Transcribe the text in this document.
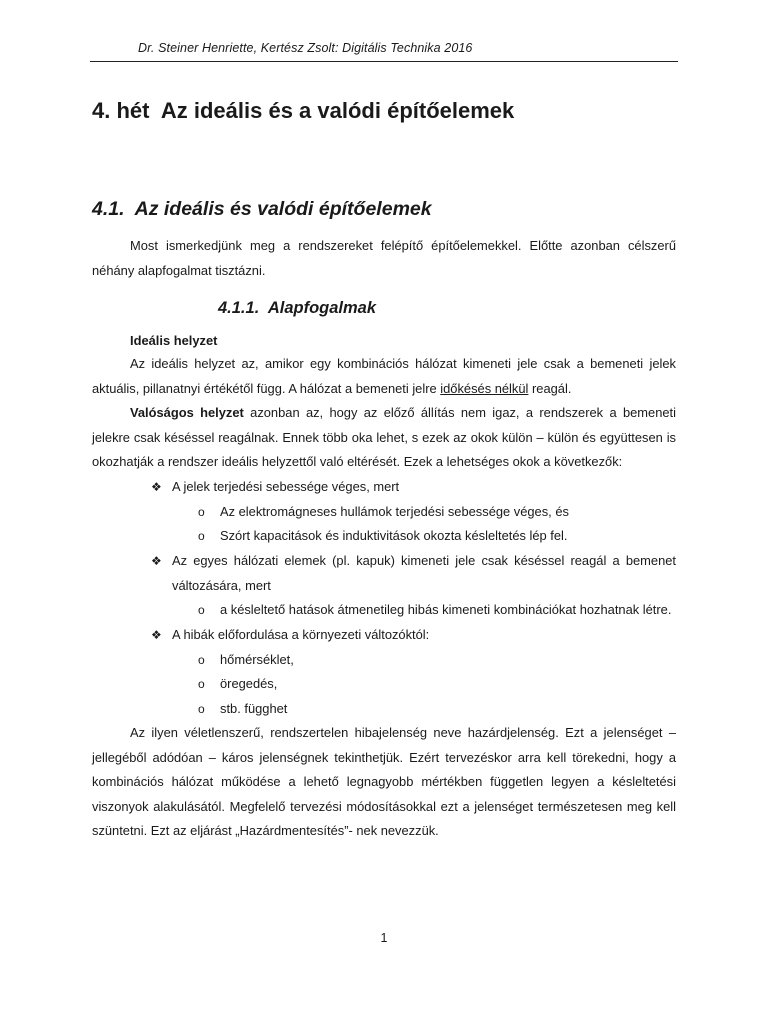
Dr. Steiner Henriette, Kertész Zsolt: Digitális Technika 2016
4. hét  Az ideális és a valódi építőelemek
4.1.  Az ideális és valódi építőelemek

Most ismerkedjünk meg a rendszereket felépítő építőelemekkel. Előtte azonban célszerű néhány alapfogalmat tisztázni.

4.1.1.  Alapfogalmak

Ideális helyzet

Az ideális helyzet az, amikor egy kombinációs hálózat kimeneti jele csak a bemeneti jelek aktuális, pillanatnyi értékétől függ. A hálózat a bemeneti jelre időkésés nélkül reagál.

Valóságos helyzet azonban az, hogy az előző állítás nem igaz, a rendszerek a bemeneti jelekre csak késéssel reagálnak. Ennek több oka lehet, s ezek az okok külön – külön és együttesen is okozhatják a rendszer ideális helyzettől való eltérését. Ezek a lehetséges okok a következők:

❖ A jelek terjedési sebessége véges, mert
o	Az elektromágneses hullámok terjedési sebessége véges, és
o	Szórt kapacitások és induktivitások okozta késleltetés lép fel.
❖ Az egyes hálózati elemek (pl. kapuk) kimeneti jele csak késéssel reagál a bemenet változására, mert
o	a késleltető hatások átmenetileg hibás kimeneti kombinációkat hozhatnak létre.
❖ A hibák előfordulása a környezeti változóktól:
o	hőmérséklet,
o	öregedés,
o	stb. függhet

Az ilyen véletlenszerű, rendszertelen hibajelenség neve hazárdjelenség. Ezt a jelenséget – jellegéből adódóan – káros jelenségnek tekinthetjük. Ezért tervezéskor arra kell törekedni, hogy a kombinációs hálózat működése a lehető legnagyobb mértékben független legyen a késleltetési viszonyok alakulásától. Megfelelő tervezési módosításokkal ezt a jelenséget természetesen meg kell szüntetni. Ezt az eljárást „Hazárdmentesítés”- nek nevezzük.

1
